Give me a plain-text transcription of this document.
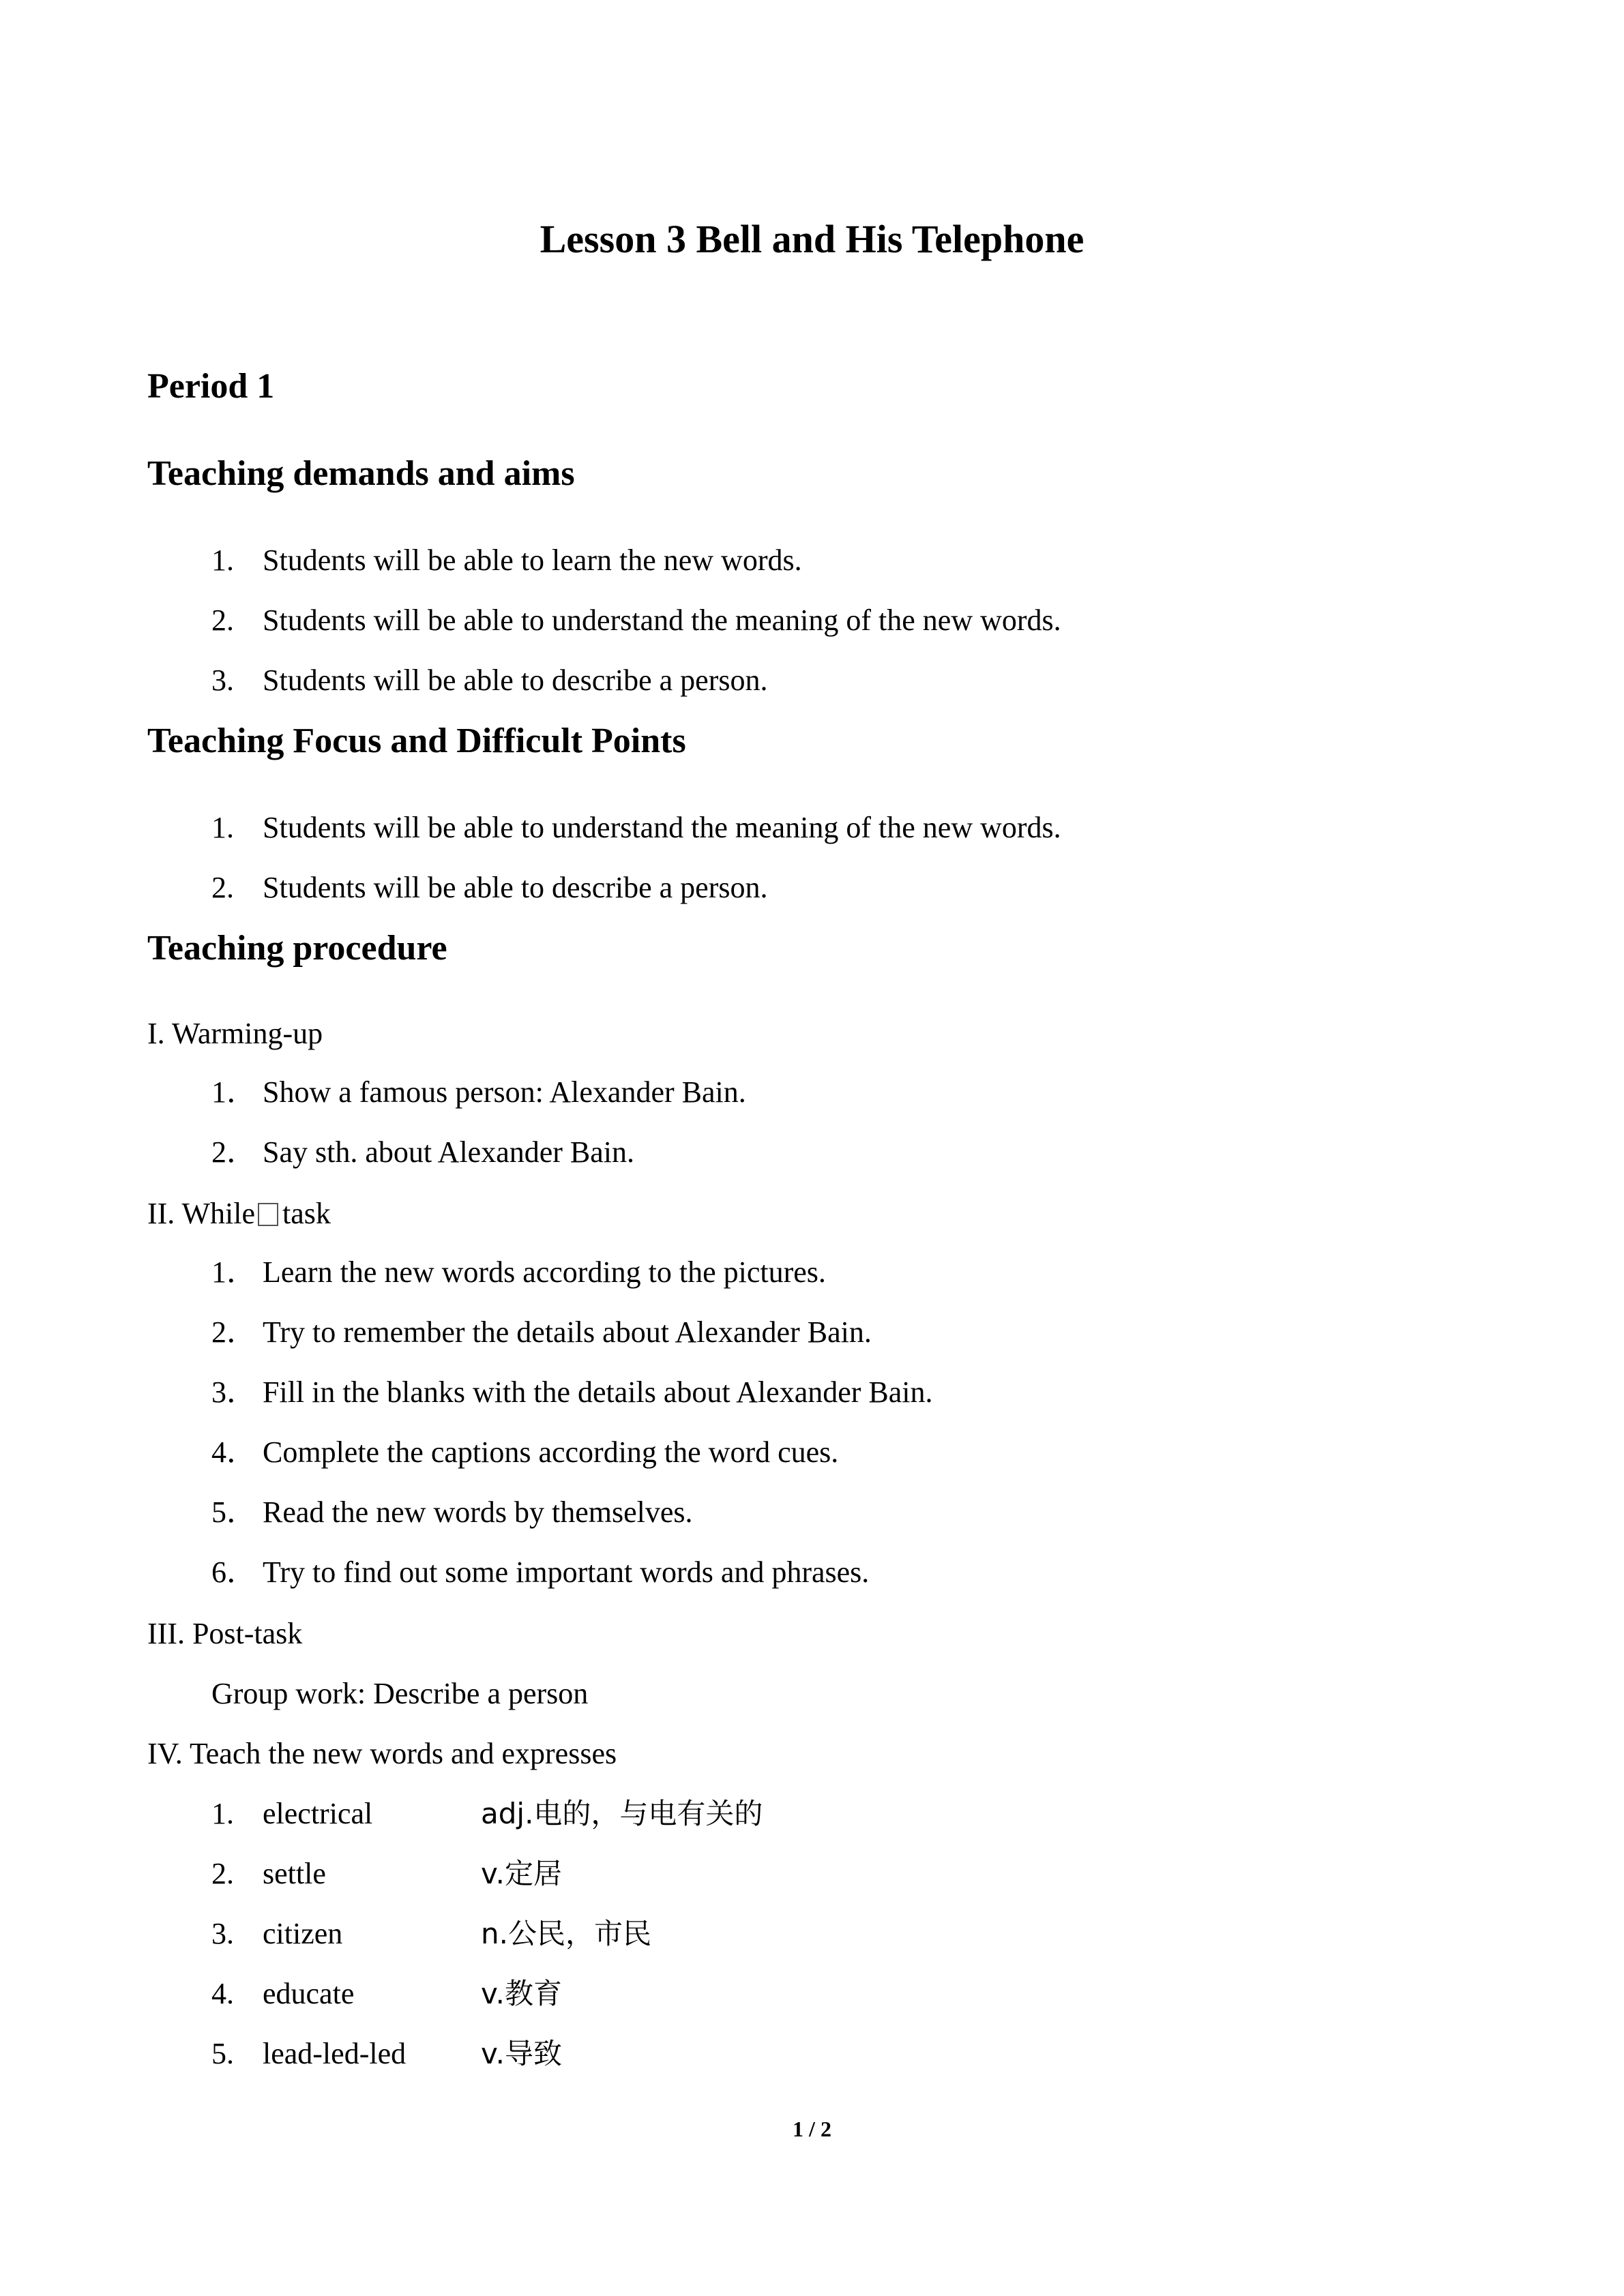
Lesson 3 Bell and His Telephone
Period 1
Teaching demands and aims
1. Students will be able to learn the new words.
2. Students will be able to understand the meaning of the new words.
3. Students will be able to describe a person.
Teaching Focus and Difficult Points
1. Students will be able to understand the meaning of the new words.
2. Students will be able to describe a person.
Teaching procedure
I. Warming-up
1． Show a famous person: Alexander Bain.
2． Say sth. about Alexander Bain.
II. While task
1． Learn the new words according to the pictures.
2． Try to remember the details about Alexander Bain.
3． Fill in the blanks with the details about Alexander Bain.
4． Complete the captions according the word cues.
5． Read the new words by themselves.
6． Try to find out some important words and phrases.
III. Post-task
Group work: Describe a person
IV. Teach the new words and expresses
1. electrical	adj.电的，与电有关的
2. settle	v.定居
3. citizen	n.公民，市民
4. educate	v.教育
5. lead-led-led	v.导致
1 / 2
